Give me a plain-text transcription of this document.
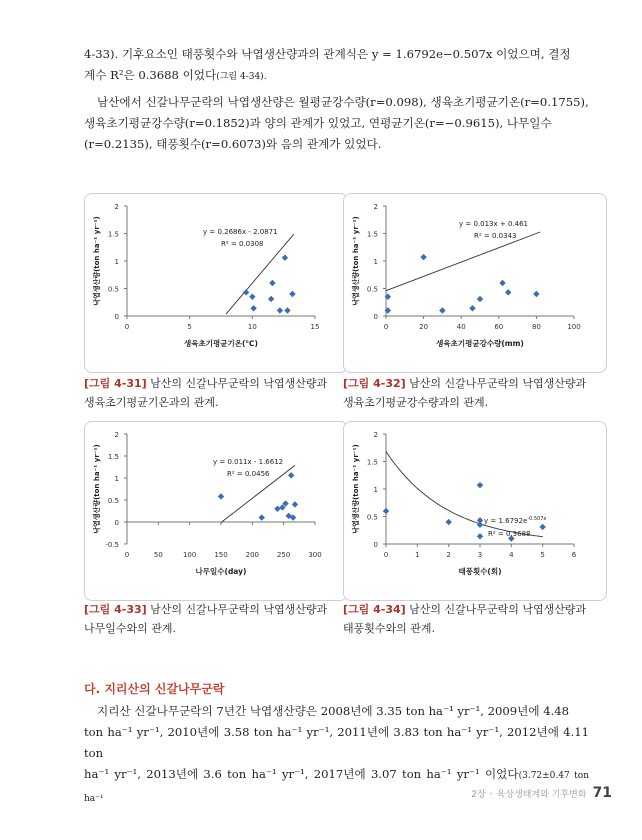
4-33). 기후요소인 태풍횟수와 낙엽생산량과의 관계식은 y = 1.6792e−0.507x 이었으며, 결정

계수 R²은 0.3688 이었다(그림 4-34).

남산에서 신갈나무군락의 낙엽생산량은 월평균강수량(r=0.098), 생육초기평균기온(r=0.1755),

생육초기평균강수량(r=0.1852)과 양의 관계가 있었고, 연평균기온(r=−0.9615), 나무일수

(r=0.2135), 태풍횟수(r=0.6073)와 음의 관계가 있었다.

0
0.5
1
1.5
2
0	5	10	15
생육초기평균기온(℃)
낙엽생산량(ton ha⁻¹ yr⁻¹)	y = 0.2686x - 2.0871
R² = 0.0308
0
0.5
1
1.5
2
0	20	40	60	80	100
생육초기평균강수량(mm)
낙엽생산량(ton ha⁻¹ yr⁻¹)	y = 0.013x + 0.461
R² = 0.0343
-0.5
0
0.5
1
1.5
2
0	50	100	150	200	250	300
나무일수(day)
낙엽생산량(ton ha⁻¹ yr⁻¹)	y = 0.011x - 1.6612
R² = 0.0456
0
0.5
1
1.5
2
0	1	2	3	4	5	6
태풍횟수(회)
낙엽생산량(ton ha⁻¹ yr⁻¹)	$y = 1.6792e^{-0.507x}$
R² = 0.3688
[그림 4-31] 남산의 신갈나무군락의 낙엽생산량과
생육초기평균기온과의 관계.
[그림 4-32] 남산의 신갈나무군락의 낙엽생산량과
생육초기평균강수량과의 관계.
[그림 4-33] 남산의 신갈나무군락의 낙엽생산량과
나무일수와의 관계.
[그림 4-34] 남산의 신갈나무군락의 낙엽생산량과
태풍횟수와의 관계.
다. 지리산의 신갈나무군락

지리산 신갈나무군락의 7년간 낙엽생산량은 2008년에 3.35 ton ha⁻¹ yr⁻¹, 2009년에 4.48

ton ha⁻¹ yr⁻¹, 2010년에 3.58 ton ha⁻¹ yr⁻¹, 2011년에 3.83 ton ha⁻¹ yr⁻¹, 2012년에 4.11 ton

ha⁻¹ yr⁻¹, 2013년에 3.6 ton ha⁻¹ yr⁻¹, 2017년에 3.07 ton ha⁻¹ yr⁻¹ 이었다(3.72±0.47 ton ha⁻¹	2장 ◦ 육상생태계와 기후변화 71
